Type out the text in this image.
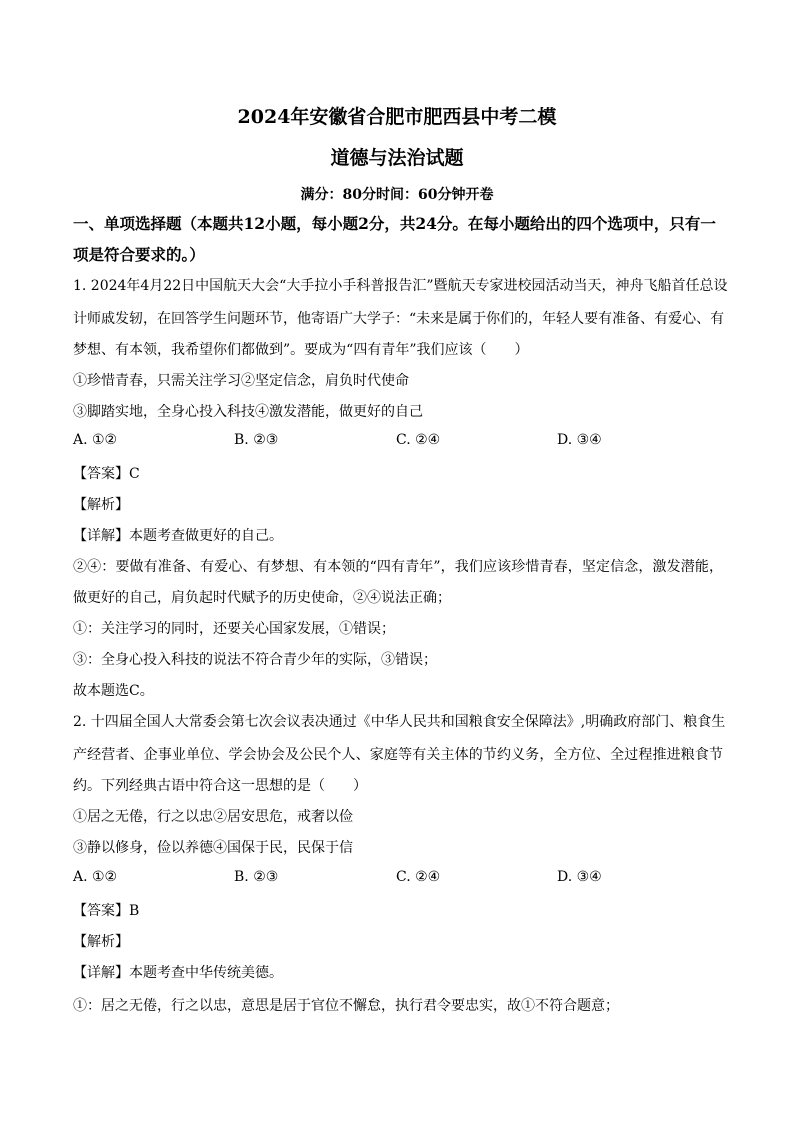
2024年安徽省合肥市肥西县中考二模
道德与法治试题
满分：80分时间：60分钟开卷
一、单项选择题（本题共12小题，每小题2分，共24分。在每小题给出的四个选项中，只有一项是符合要求的。）
1. 2024年4月22日中国航天大会“大手拉小手科普报告汇”暨航天专家进校园活动当天，神舟飞船首任总设
计师戚发轫，在回答学生问题环节，他寄语广大学子：“未来是属于你们的，年轻人要有准备、有爱心、有
梦想、有本领，我希望你们都做到”。要成为“四有青年”我们应该（　　）
①珍惜青春，只需关注学习②坚定信念，肩负时代使命
③脚踏实地，全身心投入科技④激发潜能，做更好的自己
A. ①②	B. ②③	C. ②④	D. ③④
【答案】C
【解析】
【详解】本题考查做更好的自己。
②④：要做有准备、有爱心、有梦想、有本领的“四有青年”，我们应该珍惜青春，坚定信念，激发潜能，
做更好的自己，肩负起时代赋予的历史使命，②④说法正确；
①：关注学习的同时，还要关心国家发展，①错误；
③：全身心投入科技的说法不符合青少年的实际，③错误；
故本题选C。
2. 十四届全国人大常委会第七次会议表决通过《中华人民共和国粮食安全保障法》,明确政府部门、粮食生
产经营者、企事业单位、学会协会及公民个人、家庭等有关主体的节约义务，全方位、全过程推进粮食节
约。下列经典古语中符合这一思想的是（　　）
①居之无倦，行之以忠②居安思危，戒奢以俭
③静以修身，俭以养德④国保于民，民保于信
A. ①②	B. ②③	C. ②④	D. ③④
【答案】B
【解析】
【详解】本题考查中华传统美德。
①：居之无倦，行之以忠，意思是居于官位不懈怠，执行君令要忠实，故①不符合题意；
